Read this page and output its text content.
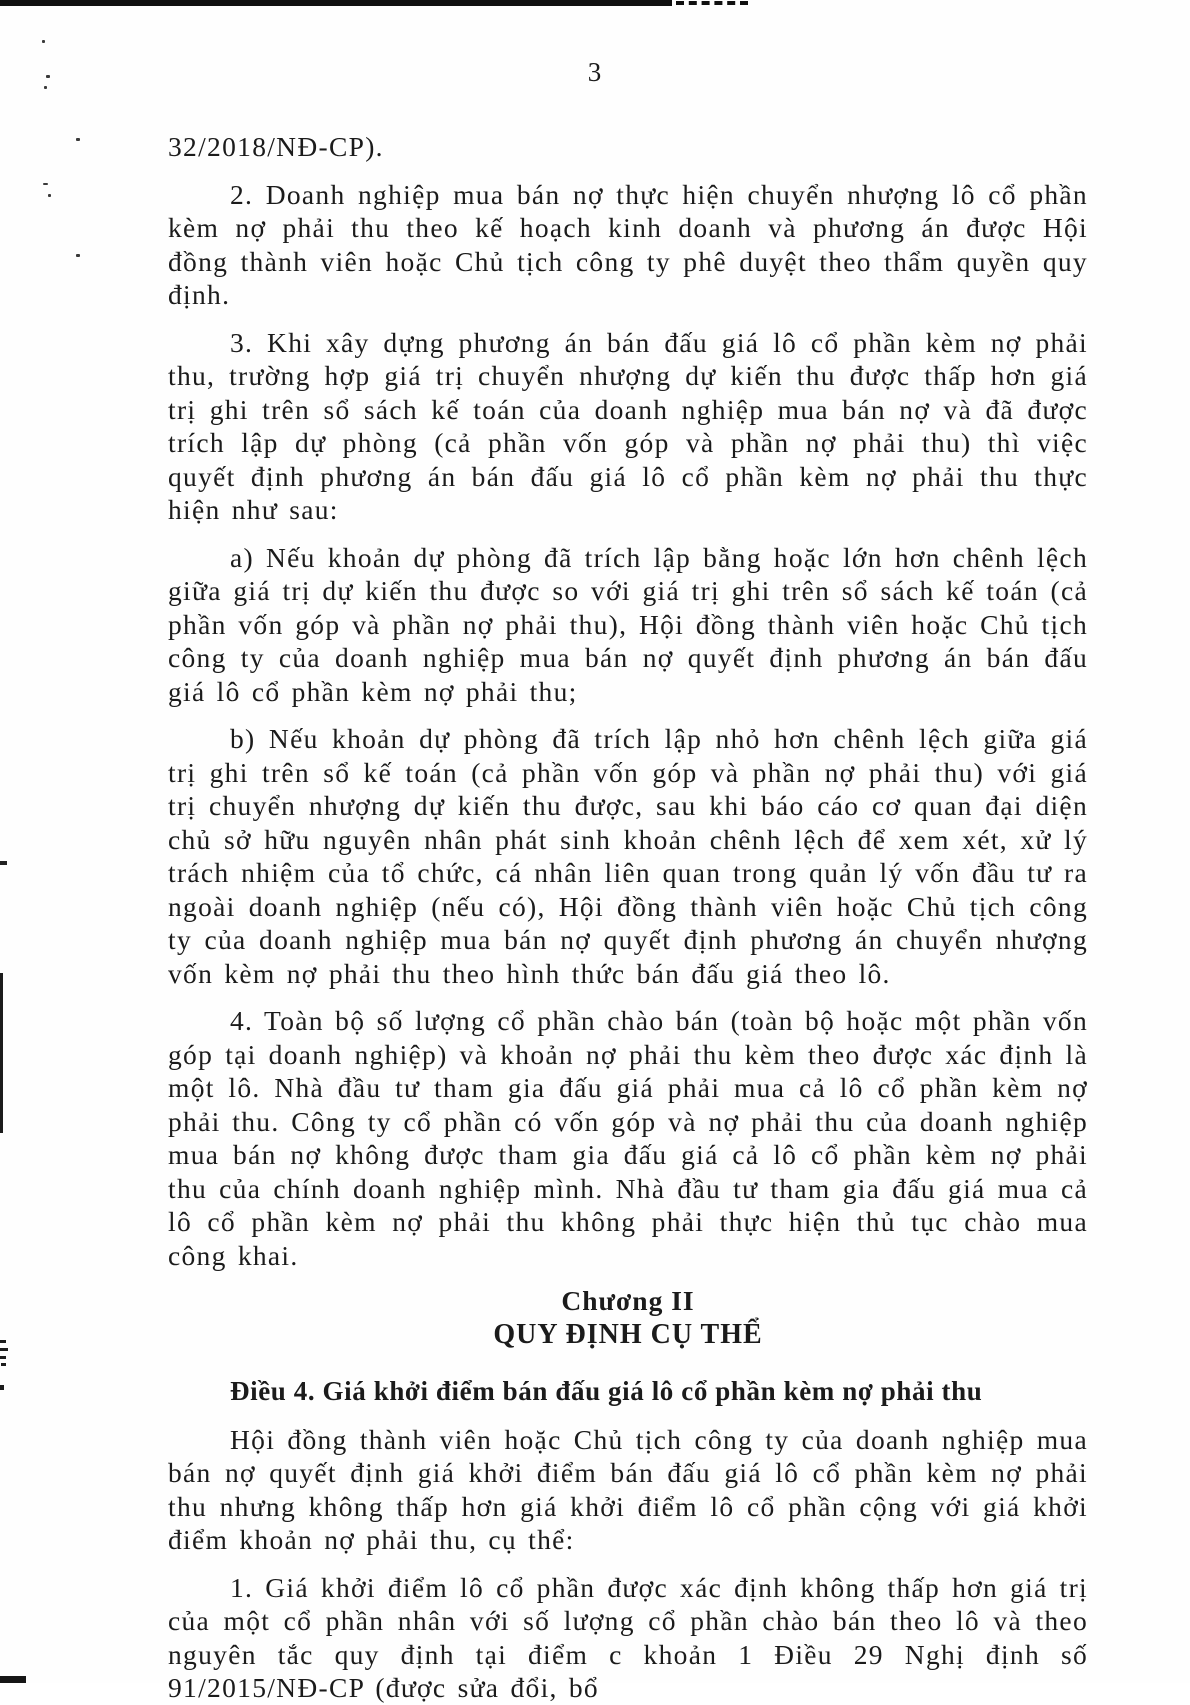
3

32/2018/NĐ-CP).

2. Doanh nghiệp mua bán nợ thực hiện chuyển nhượng lô cổ phần kèm nợ phải thu theo kế hoạch kinh doanh và phương án được Hội đồng thành viên hoặc Chủ tịch công ty phê duyệt theo thẩm quyền quy định.

3. Khi xây dựng phương án bán đấu giá lô cổ phần kèm nợ phải thu, trường hợp giá trị chuyển nhượng dự kiến thu được thấp hơn giá trị ghi trên sổ sách kế toán của doanh nghiệp mua bán nợ và đã được trích lập dự phòng (cả phần vốn góp và phần nợ phải thu) thì việc quyết định phương án bán đấu giá lô cổ phần kèm nợ phải thu thực hiện như sau:

a) Nếu khoản dự phòng đã trích lập bằng hoặc lớn hơn chênh lệch giữa giá trị dự kiến thu được so với giá trị ghi trên sổ sách kế toán (cả phần vốn góp và phần nợ phải thu), Hội đồng thành viên hoặc Chủ tịch công ty của doanh nghiệp mua bán nợ quyết định phương án bán đấu giá lô cổ phần kèm nợ phải thu;

b) Nếu khoản dự phòng đã trích lập nhỏ hơn chênh lệch giữa giá trị ghi trên sổ kế toán (cả phần vốn góp và phần nợ phải thu) với giá trị chuyển nhượng dự kiến thu được, sau khi báo cáo cơ quan đại diện chủ sở hữu nguyên nhân phát sinh khoản chênh lệch để xem xét, xử lý trách nhiệm của tổ chức, cá nhân liên quan trong quản lý vốn đầu tư ra ngoài doanh nghiệp (nếu có), Hội đồng thành viên hoặc Chủ tịch công ty của doanh nghiệp mua bán nợ quyết định phương án chuyển nhượng vốn kèm nợ phải thu theo hình thức bán đấu giá theo lô.

4. Toàn bộ số lượng cổ phần chào bán (toàn bộ hoặc một phần vốn góp tại doanh nghiệp) và khoản nợ phải thu kèm theo được xác định là một lô. Nhà đầu tư tham gia đấu giá phải mua cả lô cổ phần kèm nợ phải thu. Công ty cổ phần có vốn góp và nợ phải thu của doanh nghiệp mua bán nợ không được tham gia đấu giá cả lô cổ phần kèm nợ phải thu của chính doanh nghiệp mình. Nhà đầu tư tham gia đấu giá mua cả lô cổ phần kèm nợ phải thu không phải thực hiện thủ tục chào mua công khai.

Chương II
QUY ĐỊNH CỤ THỂ
Điều 4. Giá khởi điểm bán đấu giá lô cổ phần kèm nợ phải thu

Hội đồng thành viên hoặc Chủ tịch công ty của doanh nghiệp mua bán nợ quyết định giá khởi điểm bán đấu giá lô cổ phần kèm nợ phải thu nhưng không thấp hơn giá khởi điểm lô cổ phần cộng với giá khởi điểm khoản nợ phải thu, cụ thể:

1. Giá khởi điểm lô cổ phần được xác định không thấp hơn giá trị của một cổ phần nhân với số lượng cổ phần chào bán theo lô và theo nguyên tắc quy định tại điểm c khoản 1 Điều 29 Nghị định số 91/2015/NĐ-CP (được sửa đổi, bổ
